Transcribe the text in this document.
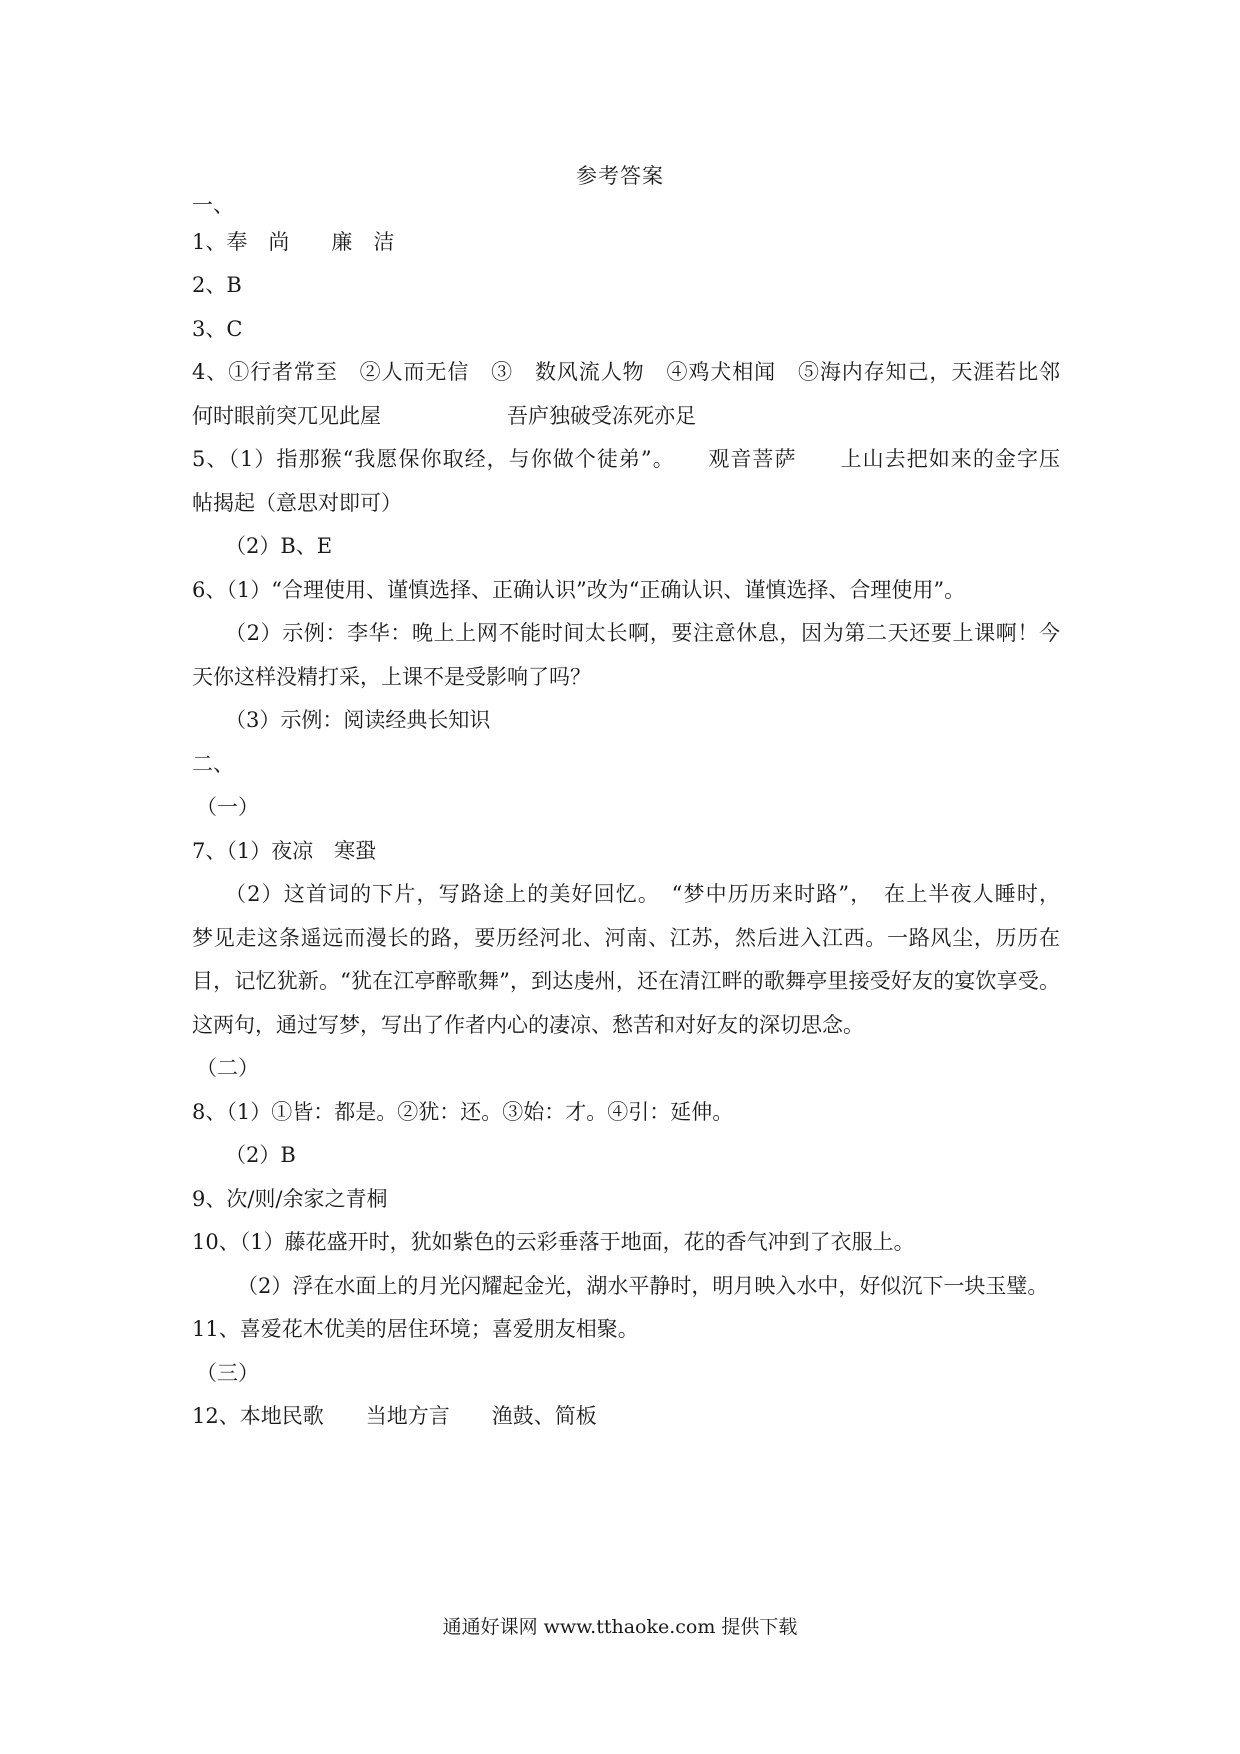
参考答案
一、
1、奉　尚　　廉　洁
2、B
3、C
4、①行者常至　②人而无信　③　数风流人物　④鸡犬相闻　⑤海内存知己，天涯若比邻
何时眼前突兀见此屋　　　　　　吾庐独破受冻死亦足
5、（1）指那猴“我愿保你取经，与你做个徒弟”。　　观音菩萨　　上山去把如来的金字压
帖揭起（意思对即可）
（2）B、E
6、（1）“合理使用、谨慎选择、正确认识”改为“正确认识、谨慎选择、合理使用”。
（2）示例：李华：晚上上网不能时间太长啊，要注意休息，因为第二天还要上课啊！今
天你这样没精打采，上课不是受影响了吗？
（3）示例：阅读经典长知识
二、
（一）
7、（1）夜凉　寒蛩
（2）这首词的下片，写路途上的美好回忆。　“梦中历历来时路”，　在上半夜人睡时，
梦见走这条遥远而漫长的路，要历经河北、河南、江苏，然后进入江西。一路风尘，历历在
目，记忆犹新。“犹在江亭醉歌舞”，到达虔州，还在清江畔的歌舞亭里接受好友的宴饮享受。
这两句，通过写梦，写出了作者内心的凄凉、愁苦和对好友的深切思念。
（二）
8、（1）①皆：都是。②犹：还。③始：才。④引：延伸。
（2）B
9、次/则/余家之青桐
10、（1）藤花盛开时，犹如紫色的云彩垂落于地面，花的香气冲到了衣服上。
（2）浮在水面上的月光闪耀起金光，湖水平静时，明月映入水中，好似沉下一块玉璧。
11、喜爱花木优美的居住环境；喜爱朋友相聚。
（三）
12、本地民歌　　当地方言　　渔鼓、简板
通通好课网 www.tthaoke.com 提供下载
